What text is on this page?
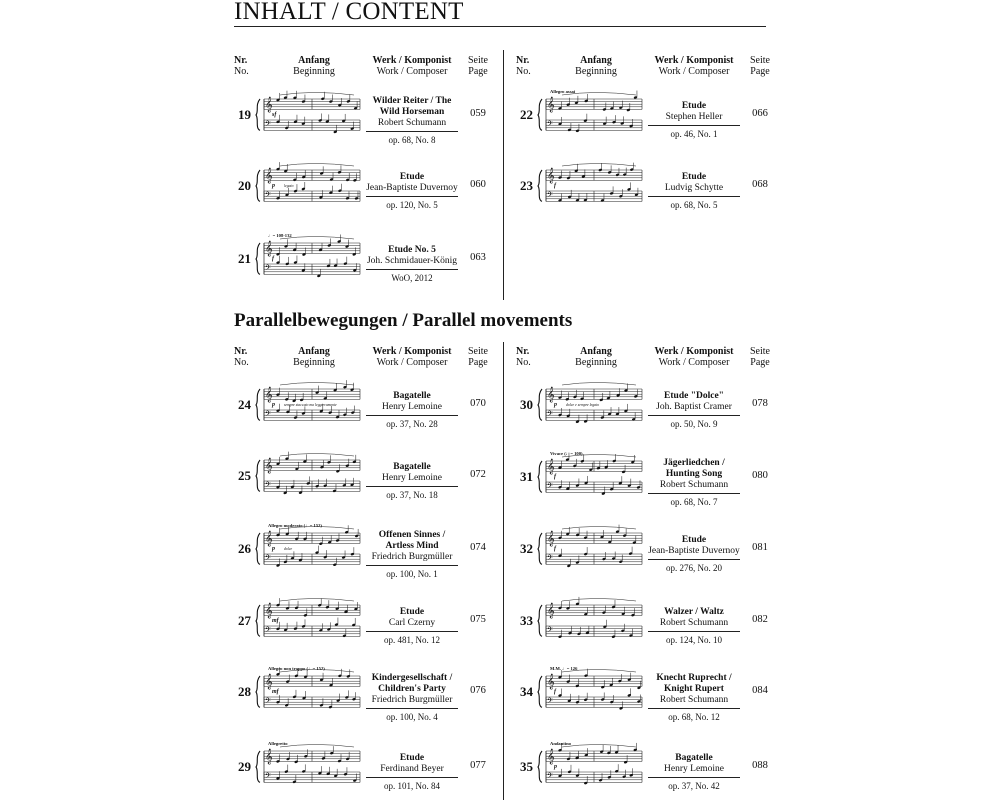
INHALT / CONTENT
Parallelbewegungen / Parallel movements
Nr.
No.
Anfang
Beginning
Werk / Komponist
Work / Composer
Seite
Page
Nr.
No.
Anfang
Beginning
Werk / Komponist
Work / Composer
Seite
Page
Nr.
No.
Anfang
Beginning
Werk / Komponist
Work / Composer
Seite
Page
Nr.
No.
Anfang
Beginning
Werk / Komponist
Work / Composer
Seite
Page
19
𝄞
𝄢
sf
Wilder Reiter / The Wild Horseman
Robert Schumann
op. 68, No. 8
059
20
𝄞
𝄢
p legato
Etude
Jean-Baptiste Duvernoy
op. 120, No. 5
060
21
𝄞
𝄢
♩= 108-132
f
Etude No. 5
Joh. Schmidauer-König
WoO, 2012
063
22
𝄞
𝄢
Allegro assai
Etude
Stephen Heller
op. 46, No. 1
066
23
𝄞
𝄢
f
Etude
Ludvig Schytte
op. 68, No. 5
068
24
𝄞
𝄢
p sempre staccato ma leggieramente
Bagatelle
Henry Lemoine
op. 37, No. 28
070
25
𝄞
𝄢
Bagatelle
Henry Lemoine
op. 37, No. 18
072
26
𝄞
𝄢
Allegro moderato (♩= 152)
p dolce
Offenen Sinnes / Artless Mind
Friedrich Burgmüller
op. 100, No. 1
074
27
𝄞
𝄢
mf
Etude
Carl Czerny
op. 481, No. 12
075
28
𝄞
𝄢
Allegro non troppo (♩= 152)
mf
Kindergesellschaft / Children's Party
Friedrich Burgmüller
op. 100, No. 4
076
29
𝄞
𝄢
Allegretto
Etude
Ferdinand Beyer
op. 101, No. 84
077
30
𝄞
𝄢
p dolce e sempre legato
Etude "Dolce"
Joh. Baptist Cramer
op. 50, No. 9
078
31
𝄞
𝄢
Vivace (♩= 100)
f
Jägerliedchen / Hunting Song
Robert Schumann
op. 68, No. 7
080
32
𝄞
𝄢
f
Etude
Jean-Baptiste Duvernoy
op. 276, No. 20
081
33
𝄞
𝄢
Walzer / Waltz
Robert Schumann
op. 124, No. 10
082
34
𝄞
𝄢
M.M. ♩= 126
f
Knecht Ruprecht / Knight Rupert
Robert Schumann
op. 68, No. 12
084
35
𝄞
𝄢
Andantino
p
Bagatelle
Henry Lemoine
op. 37, No. 42
088
